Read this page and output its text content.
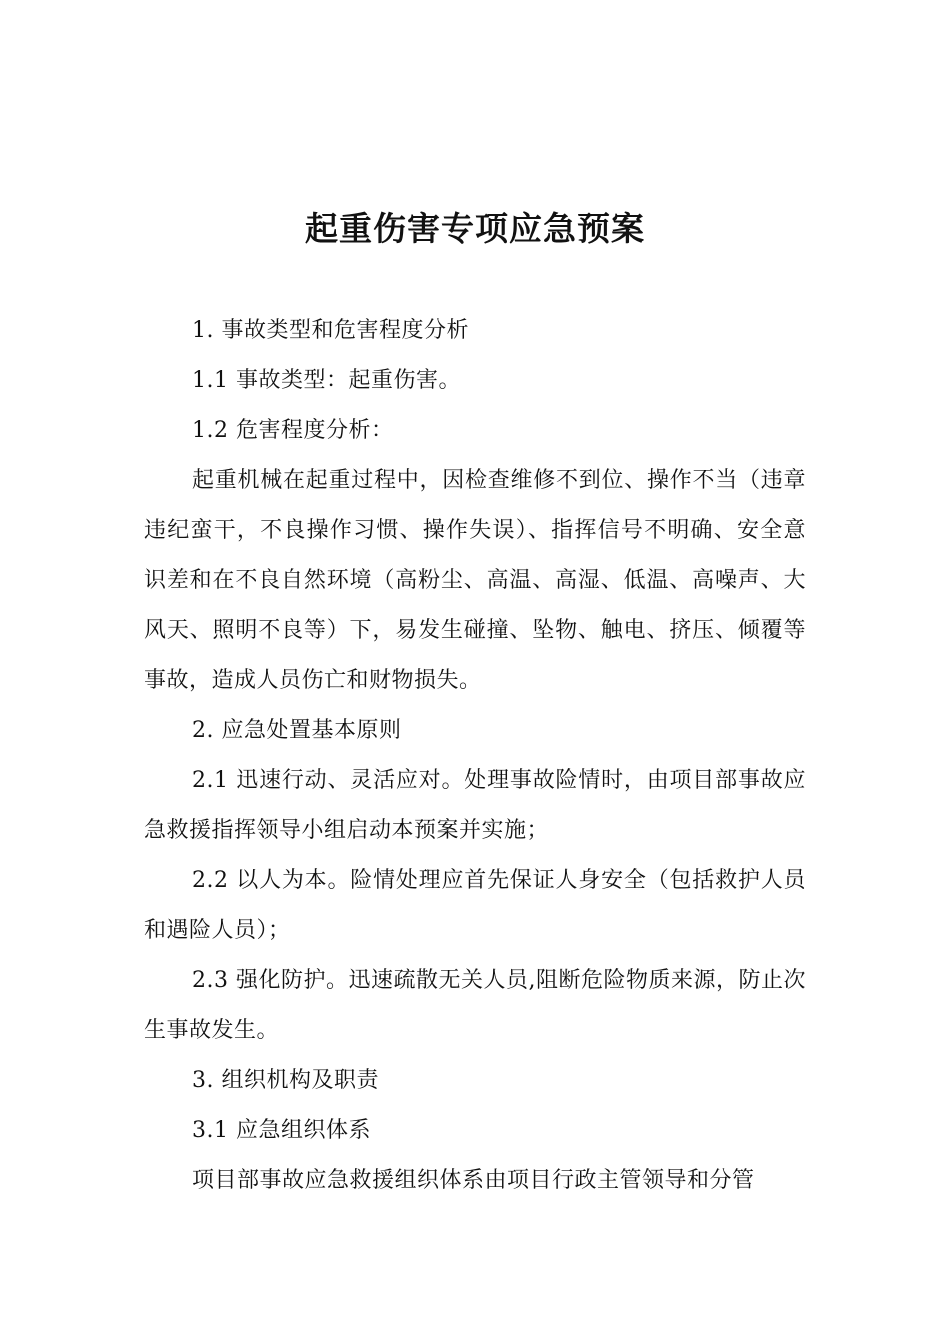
起重伤害专项应急预案

1. 事故类型和危害程度分析

1.1 事故类型：起重伤害。

1.2 危害程度分析：

起重机械在起重过程中，因检查维修不到位、操作不当（违章违纪蛮干，不良操作习惯、操作失误）、指挥信号不明确、安全意识差和在不良自然环境（高粉尘、高温、高湿、低温、高噪声、大风天、照明不良等）下，易发生碰撞、坠物、触电、挤压、倾覆等事故，造成人员伤亡和财物损失。

2. 应急处置基本原则

2.1 迅速行动、灵活应对。处理事故险情时，由项目部事故应急救援指挥领导小组启动本预案并实施；

2.2 以人为本。险情处理应首先保证人身安全（包括救护人员和遇险人员）；

2.3 强化防护。迅速疏散无关人员,阻断危险物质来源，防止次生事故发生。

3. 组织机构及职责

3.1 应急组织体系

项目部事故应急救援组织体系由项目行政主管领导和分管
